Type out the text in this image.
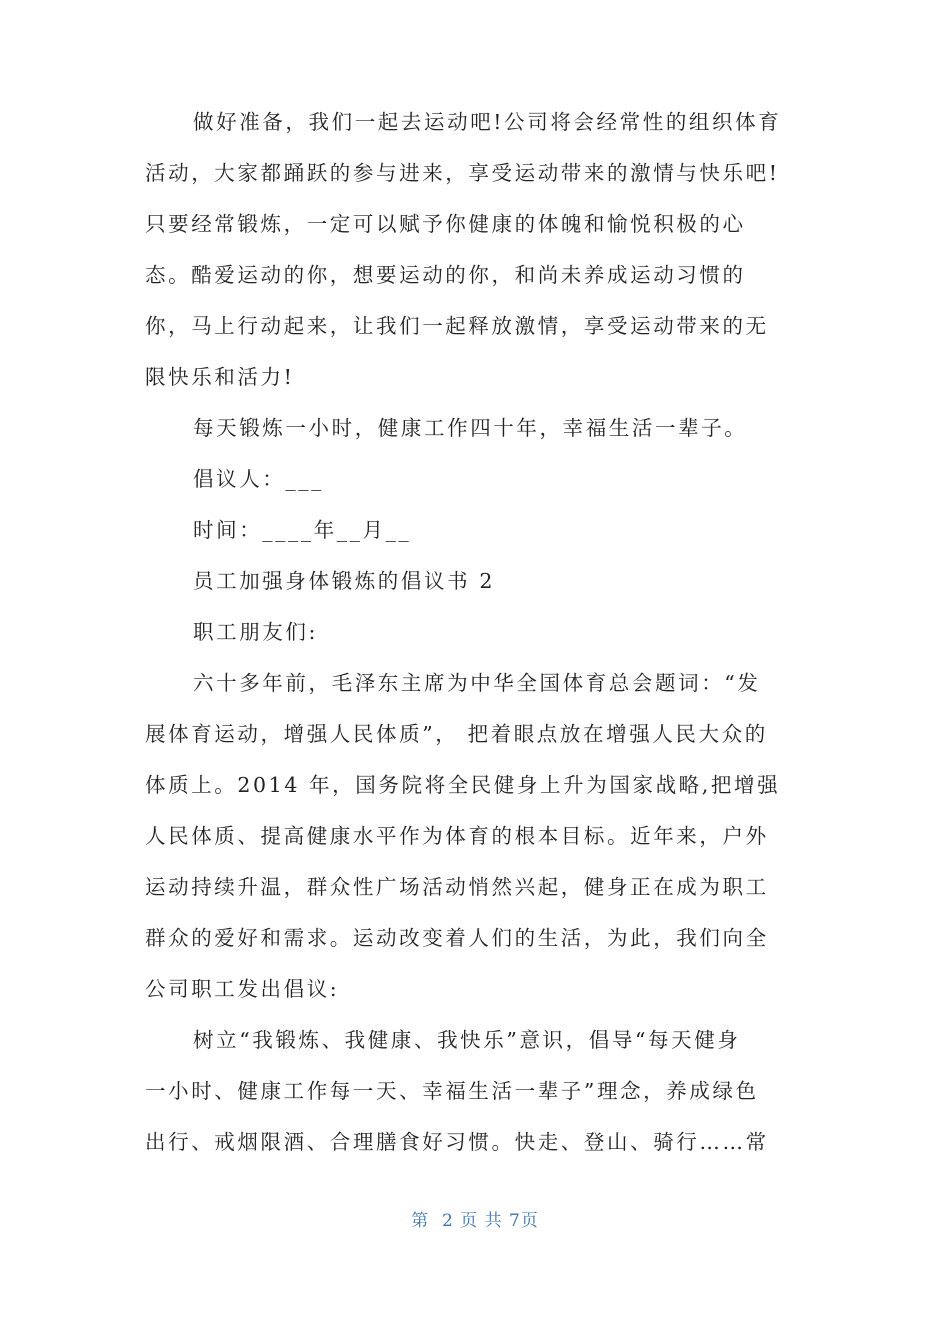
做好准备，我们一起去运动吧!公司将会经常性的组织体育
活动，大家都踊跃的参与进来，享受运动带来的激情与快乐吧!
只要经常锻炼，一定可以赋予你健康的体魄和愉悦积极的心
态。酷爱运动的你，想要运动的你，和尚未养成运动习惯的
你，马上行动起来，让我们一起释放激情，享受运动带来的无
限快乐和活力!
每天锻炼一小时，健康工作四十年，幸福生活一辈子。
倡议人：___
时间：____年__月__
员工加强身体锻炼的倡议书 2
职工朋友们:
六十多年前，毛泽东主席为中华全国体育总会题词：“发
展体育运动，增强人民体质”， 把着眼点放在增强人民大众的
体质上。2014 年，国务院将全民健身上升为国家战略,把增强
人民体质、提高健康水平作为体育的根本目标。近年来，户外
运动持续升温，群众性广场活动悄然兴起，健身正在成为职工
群众的爱好和需求。运动改变着人们的生活，为此，我们向全
公司职工发出倡议:
树立“我锻炼、我健康、我快乐”意识，倡导“每天健身
一小时、健康工作每一天、幸福生活一辈子”理念，养成绿色
出行、戒烟限酒、合理膳食好习惯。快走、登山、骑行……常
第  2 页 共 7页
